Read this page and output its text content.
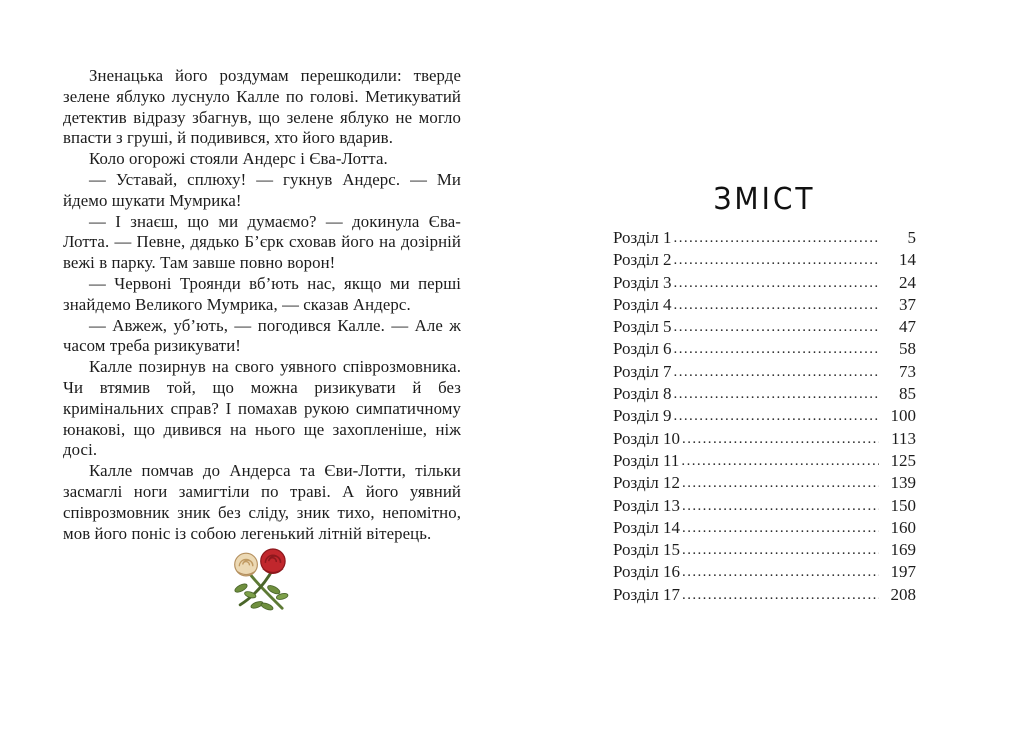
Зненацька його роздумам перешкодили: тверде зелене яблуко луснуло Калле по голові. Метикуватий детектив відразу збагнув, що зелене яблуко не могло впасти з груші, й подивився, хто його вдарив.

Коло огорожі стояли Андерс і Єва-Лотта.

— Уставай, сплюху! — гукнув Андерс. — Ми йдемо шукати Мумрика!

— І знаєш, що ми думаємо? — докинула Єва-Лотта. — Певне, дядько Б’єрк сховав його на дозірній вежі в парку. Там завше повно ворон!

— Червоні Троянди вб’ють нас, якщо ми перші знайдемо Великого Мумрика, — сказав Андерс.

— Авжеж, уб’ють, — погодився Калле. — Але ж часом треба ризикувати!

Калле позирнув на свого уявного співрозмовника. Чи втямив той, що можна ризикувати й без кримінальних справ? І помахав рукою симпатичному юнакові, що дивився на нього ще захопленіше, ніж досі.

Калле помчав до Андерса та Єви-Лотти, тільки засмаглі ноги замигтіли по траві. А його уявний співрозмовник зник без сліду, зник тихо, непомітно, мов його поніс із собою легенький літній вітерець.

ЗМІСТ
Розділ 1 .....	5
Розділ 2 .....	14
Розділ 3 .....	24
Розділ 4 .....	37
Розділ 5 .....	47
Розділ 6 .....	58
Розділ 7 .....	73
Розділ 8 .....	85
Розділ 9 .....	100
Розділ 10 .....	113
Розділ 11 .....	125
Розділ 12 .....	139
Розділ 13 .....	150
Розділ 14 .....	160
Розділ 15 .....	169
Розділ 16 .....	197
Розділ 17 .....	208
